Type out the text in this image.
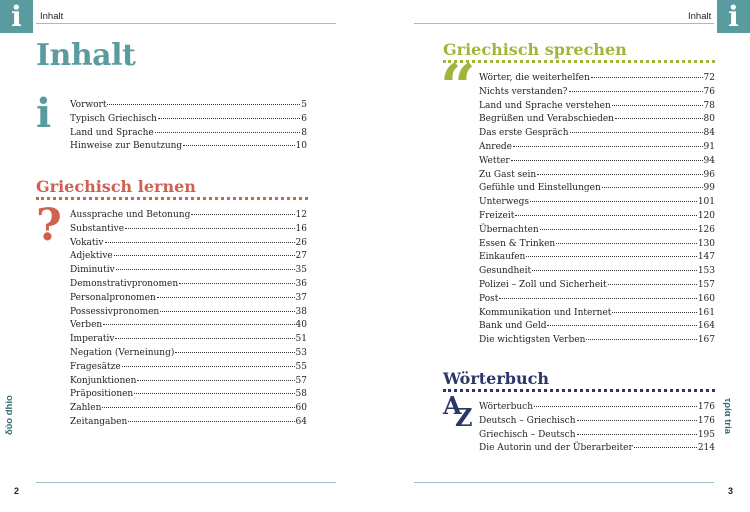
i	Inhalt	i
Inhalt
Inhalt
i Vorwort	5
Typisch Griechisch	6
Land und Sprache	8
Hinweise zur Benutzung	10
Griechisch lernen
? Aussprache und Betonung	12
Substantive	16
Vokativ	26
Adjektive	27
Diminutiv	35
Demonstrativpronomen	36
Personalpronomen	37
Possessivpronomen	38
Verben	40
Imperativ	51
Negation (Verneinung)	53
Fragesätze	55
Konjunktionen	57
Präpositionen	58
Zahlen	60
Zeitangaben	64
δύο dhio
2
Griechisch sprechen
“ Wörter, die weiterhelfen	72
Nichts verstanden?	76
Land und Sprache verstehen	78
Begrüßen und Verabschieden	80
Das erste Gespräch	84
Anrede	91
Wetter	94
Zu Gast sein	96
Gefühle und Einstellungen	99
Unterwegs	101
Freizeit	120
Übernachten	126
Essen & Trinken	130
Einkaufen	147
Gesundheit	153
Polizei – Zoll und Sicherheit	157
Post	160
Kommunikation und Internet	161
Bank und Geld	164
Die wichtigsten Verben	167
Wörterbuch
A
Z Wörterbuch	176
Deutsch – Griechisch	176
Griechisch – Deutsch	195
Die Autorin und der Überarbeiter	214
τρία tria
3
